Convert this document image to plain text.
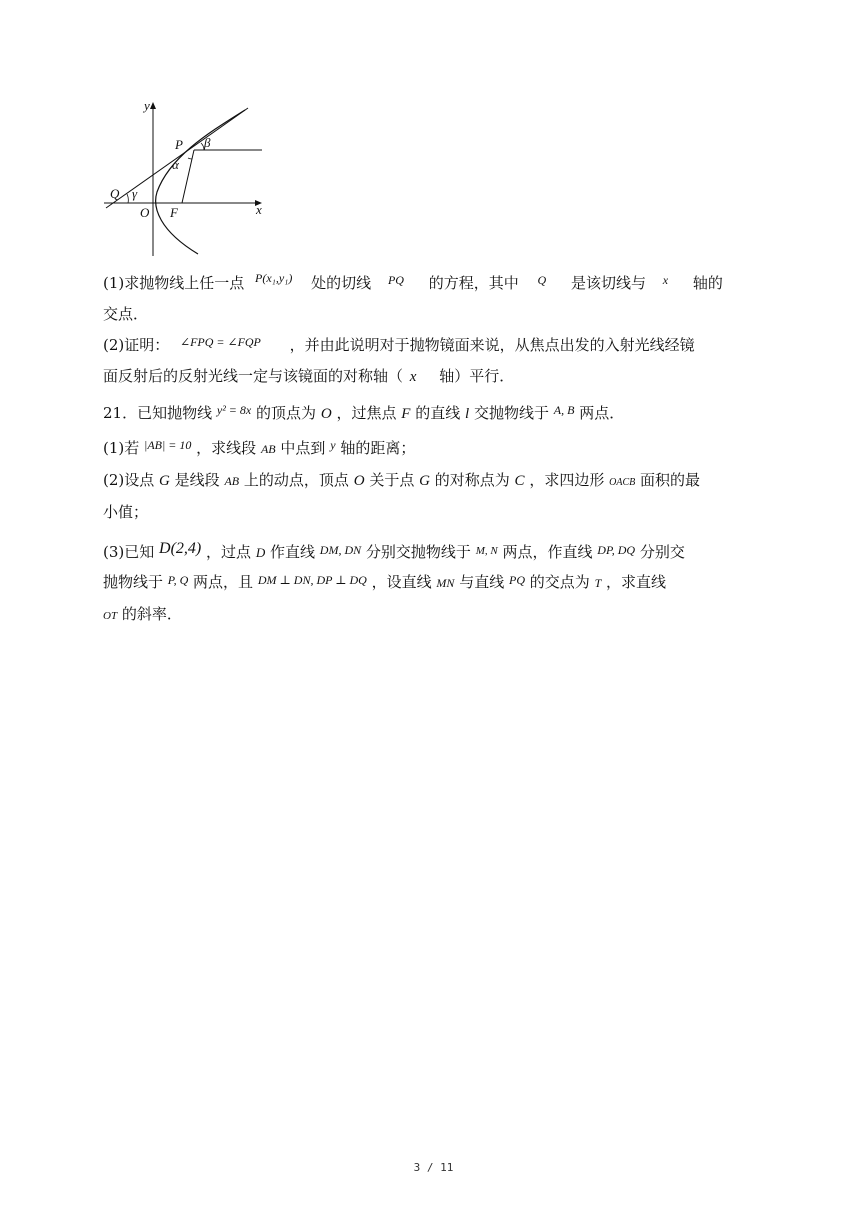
y
x
P β
α
Q γ
O F
(1)求抛物线上任一点 $^{P(x_1,y_1)}$ 处的切线 $^{PQ}$ 的方程，其中 $^Q$ 是该切线与 $^x$ 轴的
交点．
(2)证明： $^{\angle FPQ = \angle FQP}$ ，并由此说明对于抛物镜面来说，从焦点出发的入射光线经镜
面反射后的反射光线一定与该镜面的对称轴（ x 轴）平行．
21．已知抛物线 $^{y^2 = 8x}$ 的顶点为 O ，过焦点 F 的直线 l 交抛物线于 $^{A, B}$ 两点．
(1)若 $^{|AB| = 10}$ ，求线段 AB 中点到 $^y$ 轴的距离；
(2)设点 G 是线段 AB 上的动点，顶点 O 关于点 G 的对称点为 C ，求四边形 OACB 面积的最
小值；
(3)已知 D(2,4) ，过点 D 作直线 $^{DM, DN}$ 分别交抛物线于 $^{M, N}$ 两点，作直线 $^{DP, DQ}$ 分别交
抛物线于 $^{P, Q}$ 两点，且 $^{DM \perp DN, DP \perp DQ}$ ，设直线 MN 与直线 $^{PQ}$ 的交点为 T ，求直线
OT 的斜率．
3 / 11
